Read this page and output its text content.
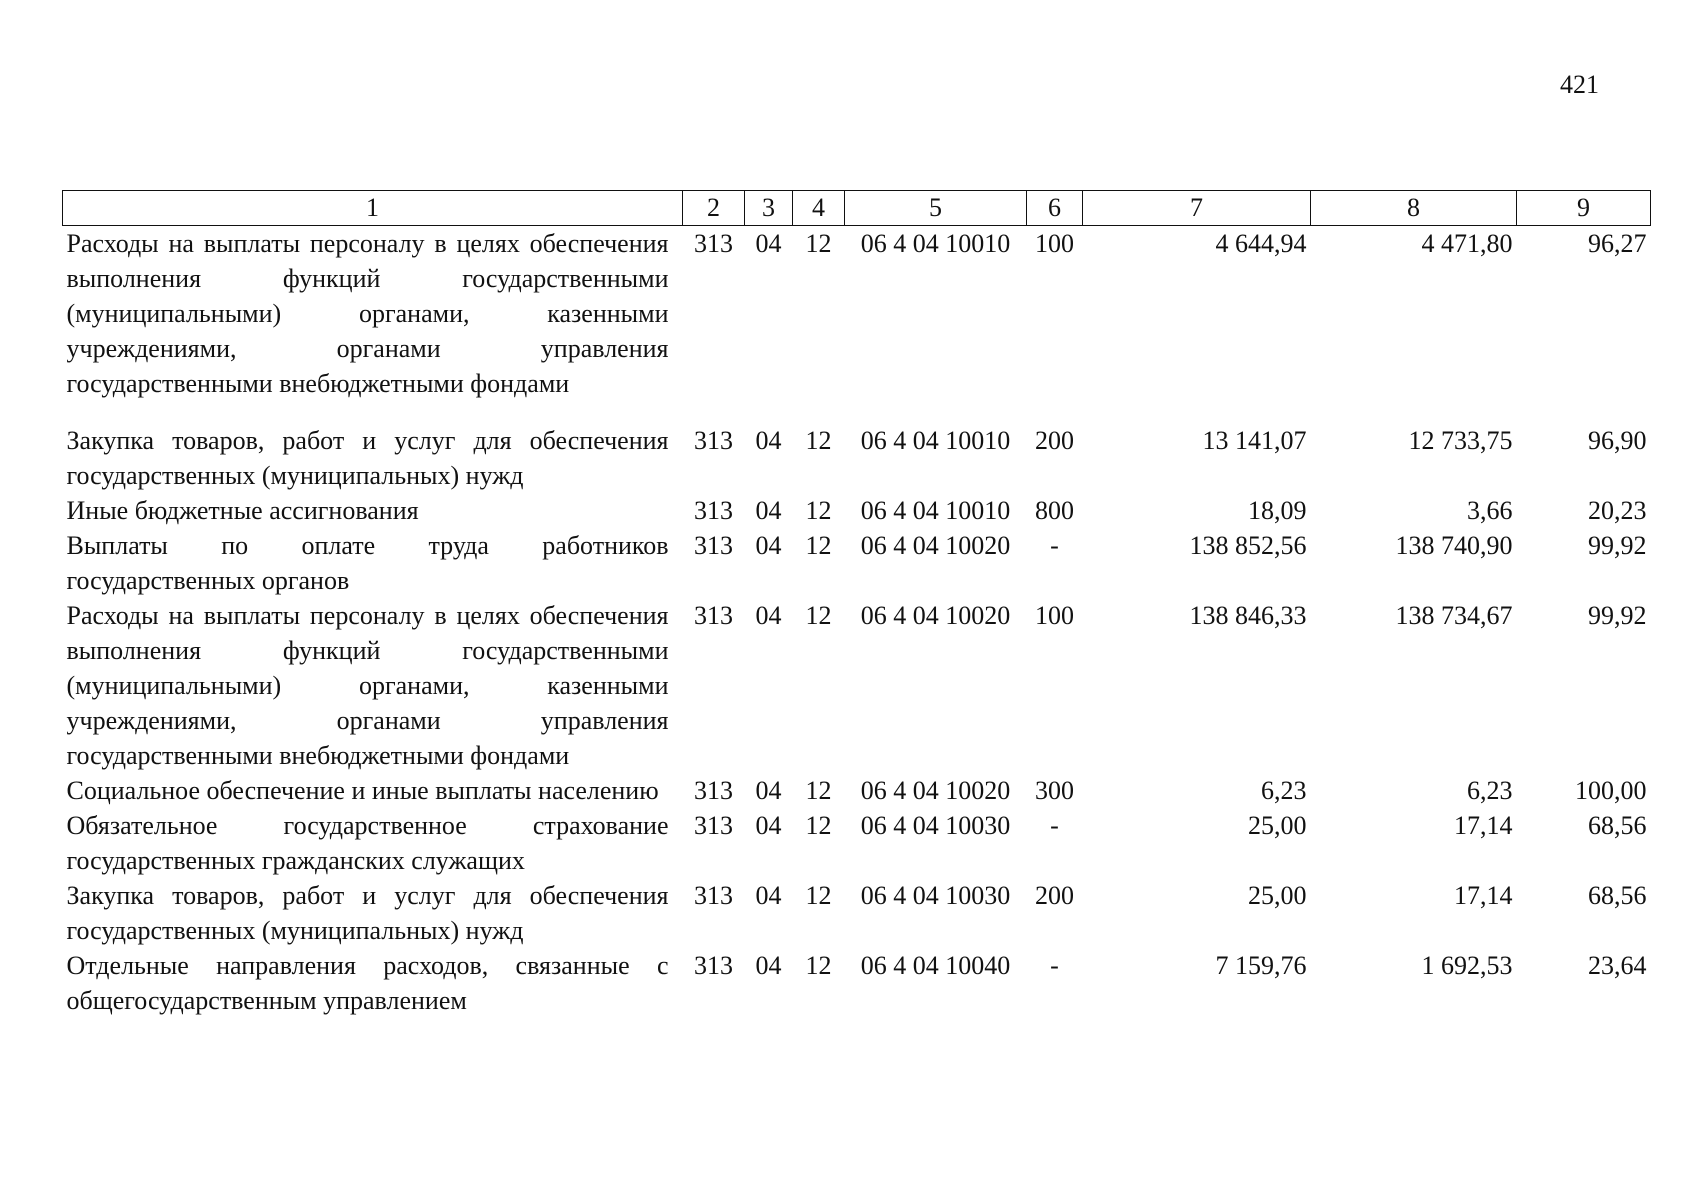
421
1	2	3	4	5	6	7	8	9
Расходы на выплаты персоналу в целях обеспечения выполнения функций государственными (муниципальными) органами, казенными учреждениями, органами управления государственными внебюджетными фондами	313	04	12	06 4 04 10010	100	4 644,94	4 471,80	96,27
Закупка товаров, работ и услуг для обеспечения государственных (муниципальных) нужд	313	04	12	06 4 04 10010	200	13 141,07	12 733,75	96,90
Иные бюджетные ассигнования	313	04	12	06 4 04 10010	800	18,09	3,66	20,23
Выплаты по оплате труда работников государственных органов	313	04	12	06 4 04 10020	-	138 852,56	138 740,90	99,92
Расходы на выплаты персоналу в целях обеспечения выполнения функций государственными (муниципальными) органами, казенными учреждениями, органами управления государственными внебюджетными фондами	313	04	12	06 4 04 10020	100	138 846,33	138 734,67	99,92
Социальное обеспечение и иные выплаты населению	313	04	12	06 4 04 10020	300	6,23	6,23	100,00
Обязательное государственное страхование государственных гражданских служащих	313	04	12	06 4 04 10030	-	25,00	17,14	68,56
Закупка товаров, работ и услуг для обеспечения государственных (муниципальных) нужд	313	04	12	06 4 04 10030	200	25,00	17,14	68,56
Отдельные направления расходов, связанные с общегосударственным управлением	313	04	12	06 4 04 10040	-	7 159,76	1 692,53	23,64
